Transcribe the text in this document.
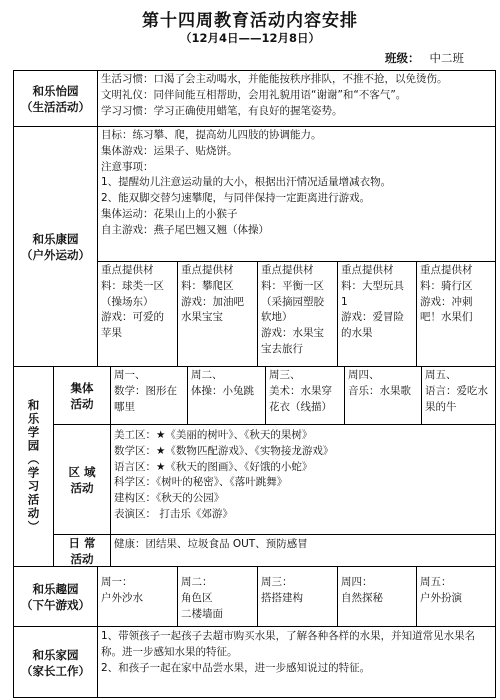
第十四周教育活动内容安排
（12月4日——12月8日）
班级： 中二班
和乐怡园
（生活活动）
生活习惯：口渴了会主动喝水，并能能按秩序排队，不推不抢，以免烫伤。
文明礼仪：同伴间能互相帮助，会用礼貌用语“谢谢”和“不客气”。
学习习惯：学习正确使用蜡笔，有良好的握笔姿势。
和乐康园
（户外运动）
目标：练习攀、爬，提高幼儿四肢的协调能力。
集体游戏：运果子、贴烧饼。
注意事项：
1、提醒幼儿注意运动量的大小，根据出汗情况适量增减衣物。
2、能双脚交替匀速攀爬，与同伴保持一定距离进行游戏。
集体运动：花果山上的小猴子
自主游戏：燕子尾巴翘又翘（体操）
重点提供材
料：球类一区
（操场东）
游戏：可爱的
苹果
重点提供材
料：攀爬区
游戏：加油吧
水果宝宝
重点提供材
料：平衡一区
（采摘园塑胶
软地）
游戏：水果宝
宝去旅行
重点提供材
料：大型玩具
1
游戏：爱冒险
的水果
重点提供材
料：骑行区
游戏：冲刺
吧！水果们
和乐学园（学习活动）
集体
活动
周一、
数学：图形在
哪里
周二、
体操：小兔跳
周三、
美术：水果穿
花衣（线描）
周四、
音乐：水果歌
周五、
语言：爱吃水
果的牛
区 域
活动
美工区：★《美丽的树叶》、《秋天的果树》
数学区：★《数物匹配游戏》、《实物接龙游戏》
语言区：★《秋天的图画》、《好饿的小蛇》
科学区：《树叶的秘密》、《落叶跳舞》
建构区：《秋天的公园》
表演区： 打击乐《郊游》
日 常
活动
健康：团结果、垃圾食品 OUT、预防感冒
和乐趣园
（下午游戏）
周一：
户外沙水
周二：
角色区
二楼墙面
周三：
搭搭建构
周四：
自然探秘
周五：
户外扮演
和乐家园
（家长工作）
1、带领孩子一起孩子去超市购买水果，了解各种各样的水果，并知道常见水果名称。进一步感知水果的特征。
2、和孩子一起在家中品尝水果，进一步感知说过的特征。
